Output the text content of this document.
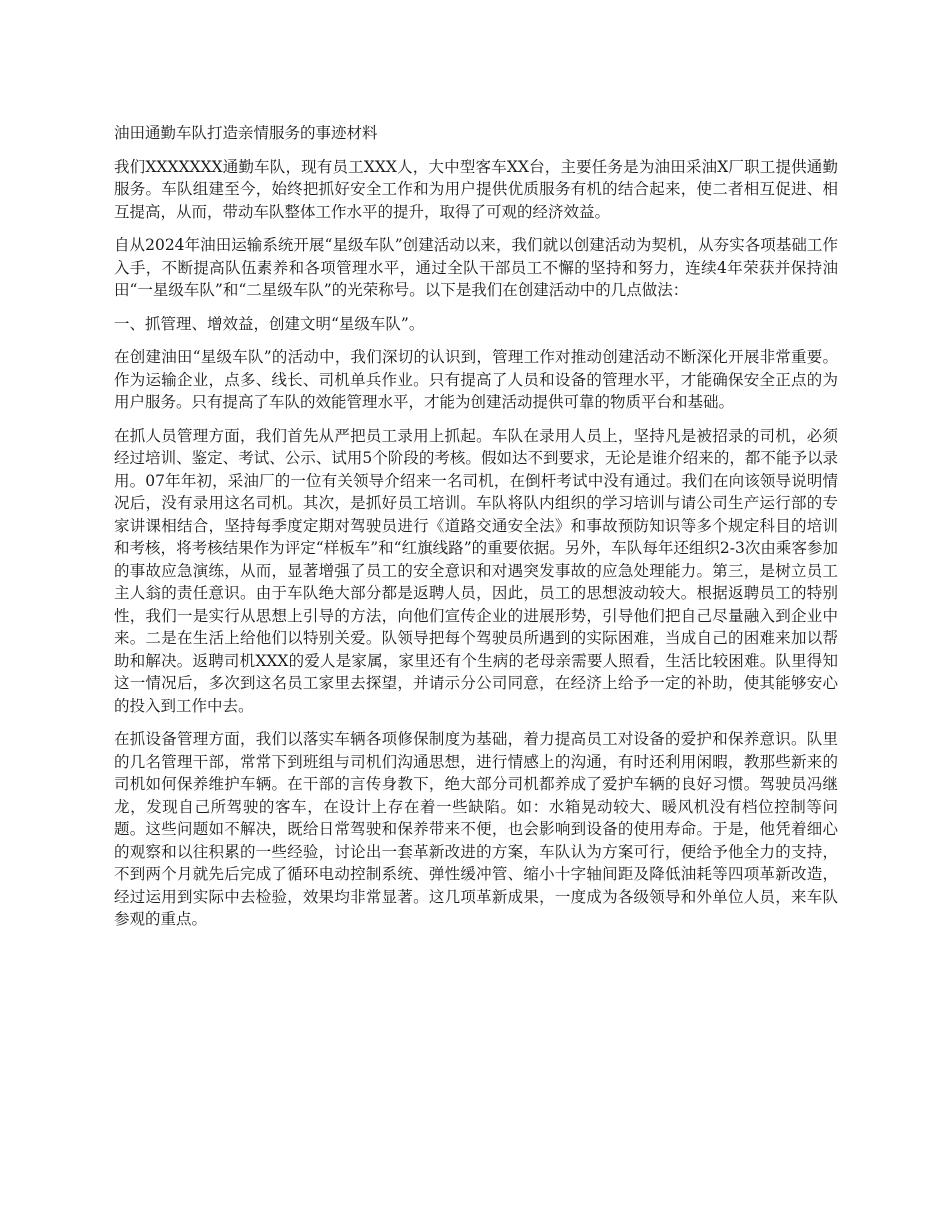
油田通勤车队打造亲情服务的事迹材料

我们XXXXXXX通勤车队，现有员工XXX人，大中型客车XX台，主要任务是为油田采油X厂职工提供通勤服务。车队组建至今，始终把抓好安全工作和为用户提供优质服务有机的结合起来，使二者相互促进、相互提高，从而，带动车队整体工作水平的提升，取得了可观的经济效益。

自从2024年油田运输系统开展“星级车队”创建活动以来，我们就以创建活动为契机，从夯实各项基础工作入手，不断提高队伍素养和各项管理水平，通过全队干部员工不懈的坚持和努力，连续4年荣获并保持油田“一星级车队”和“二星级车队”的光荣称号。以下是我们在创建活动中的几点做法：

一、抓管理、增效益，创建文明“星级车队”。

在创建油田“星级车队”的活动中，我们深切的认识到，管理工作对推动创建活动不断深化开展非常重要。作为运输企业，点多、线长、司机单兵作业。只有提高了人员和设备的管理水平，才能确保安全正点的为用户服务。只有提高了车队的效能管理水平，才能为创建活动提供可靠的物质平台和基础。

在抓人员管理方面，我们首先从严把员工录用上抓起。车队在录用人员上，坚持凡是被招录的司机，必须经过培训、鉴定、考试、公示、试用5个阶段的考核。假如达不到要求，无论是谁介绍来的，都不能予以录用。07年年初，采油厂的一位有关领导介绍来一名司机，在倒杆考试中没有通过。我们在向该领导说明情况后，没有录用这名司机。其次，是抓好员工培训。车队将队内组织的学习培训与请公司生产运行部的专家讲课相结合，坚持每季度定期对驾驶员进行《道路交通安全法》和事故预防知识等多个规定科目的培训和考核，将考核结果作为评定“样板车”和“红旗线路”的重要依据。另外，车队每年还组织2-3次由乘客参加的事故应急演练，从而，显著增强了员工的安全意识和对遇突发事故的应急处理能力。第三，是树立员工主人翁的责任意识。由于车队绝大部分都是返聘人员，因此，员工的思想波动较大。根据返聘员工的特别性，我们一是实行从思想上引导的方法，向他们宣传企业的进展形势，引导他们把自己尽量融入到企业中来。二是在生活上给他们以特别关爱。队领导把每个驾驶员所遇到的实际困难，当成自己的困难来加以帮助和解决。返聘司机XXX的爱人是家属，家里还有个生病的老母亲需要人照看，生活比较困难。队里得知这一情况后，多次到这名员工家里去探望，并请示分公司同意，在经济上给予一定的补助，使其能够安心的投入到工作中去。

在抓设备管理方面，我们以落实车辆各项修保制度为基础，着力提高员工对设备的爱护和保养意识。队里的几名管理干部，常常下到班组与司机们沟通思想，进行情感上的沟通，有时还利用闲暇，教那些新来的司机如何保养维护车辆。在干部的言传身教下，绝大部分司机都养成了爱护车辆的良好习惯。驾驶员冯继龙，发现自己所驾驶的客车，在设计上存在着一些缺陷。如：水箱晃动较大、暖风机没有档位控制等问题。这些问题如不解决，既给日常驾驶和保养带来不便，也会影响到设备的使用寿命。于是，他凭着细心的观察和以往积累的一些经验，讨论出一套革新改进的方案，车队认为方案可行，便给予他全力的支持，不到两个月就先后完成了循环电动控制系统、弹性缓冲管、缩小十字轴间距及降低油耗等四项革新改造，经过运用到实际中去检验，效果均非常显著。这几项革新成果，一度成为各级领导和外单位人员，来车队参观的重点。
